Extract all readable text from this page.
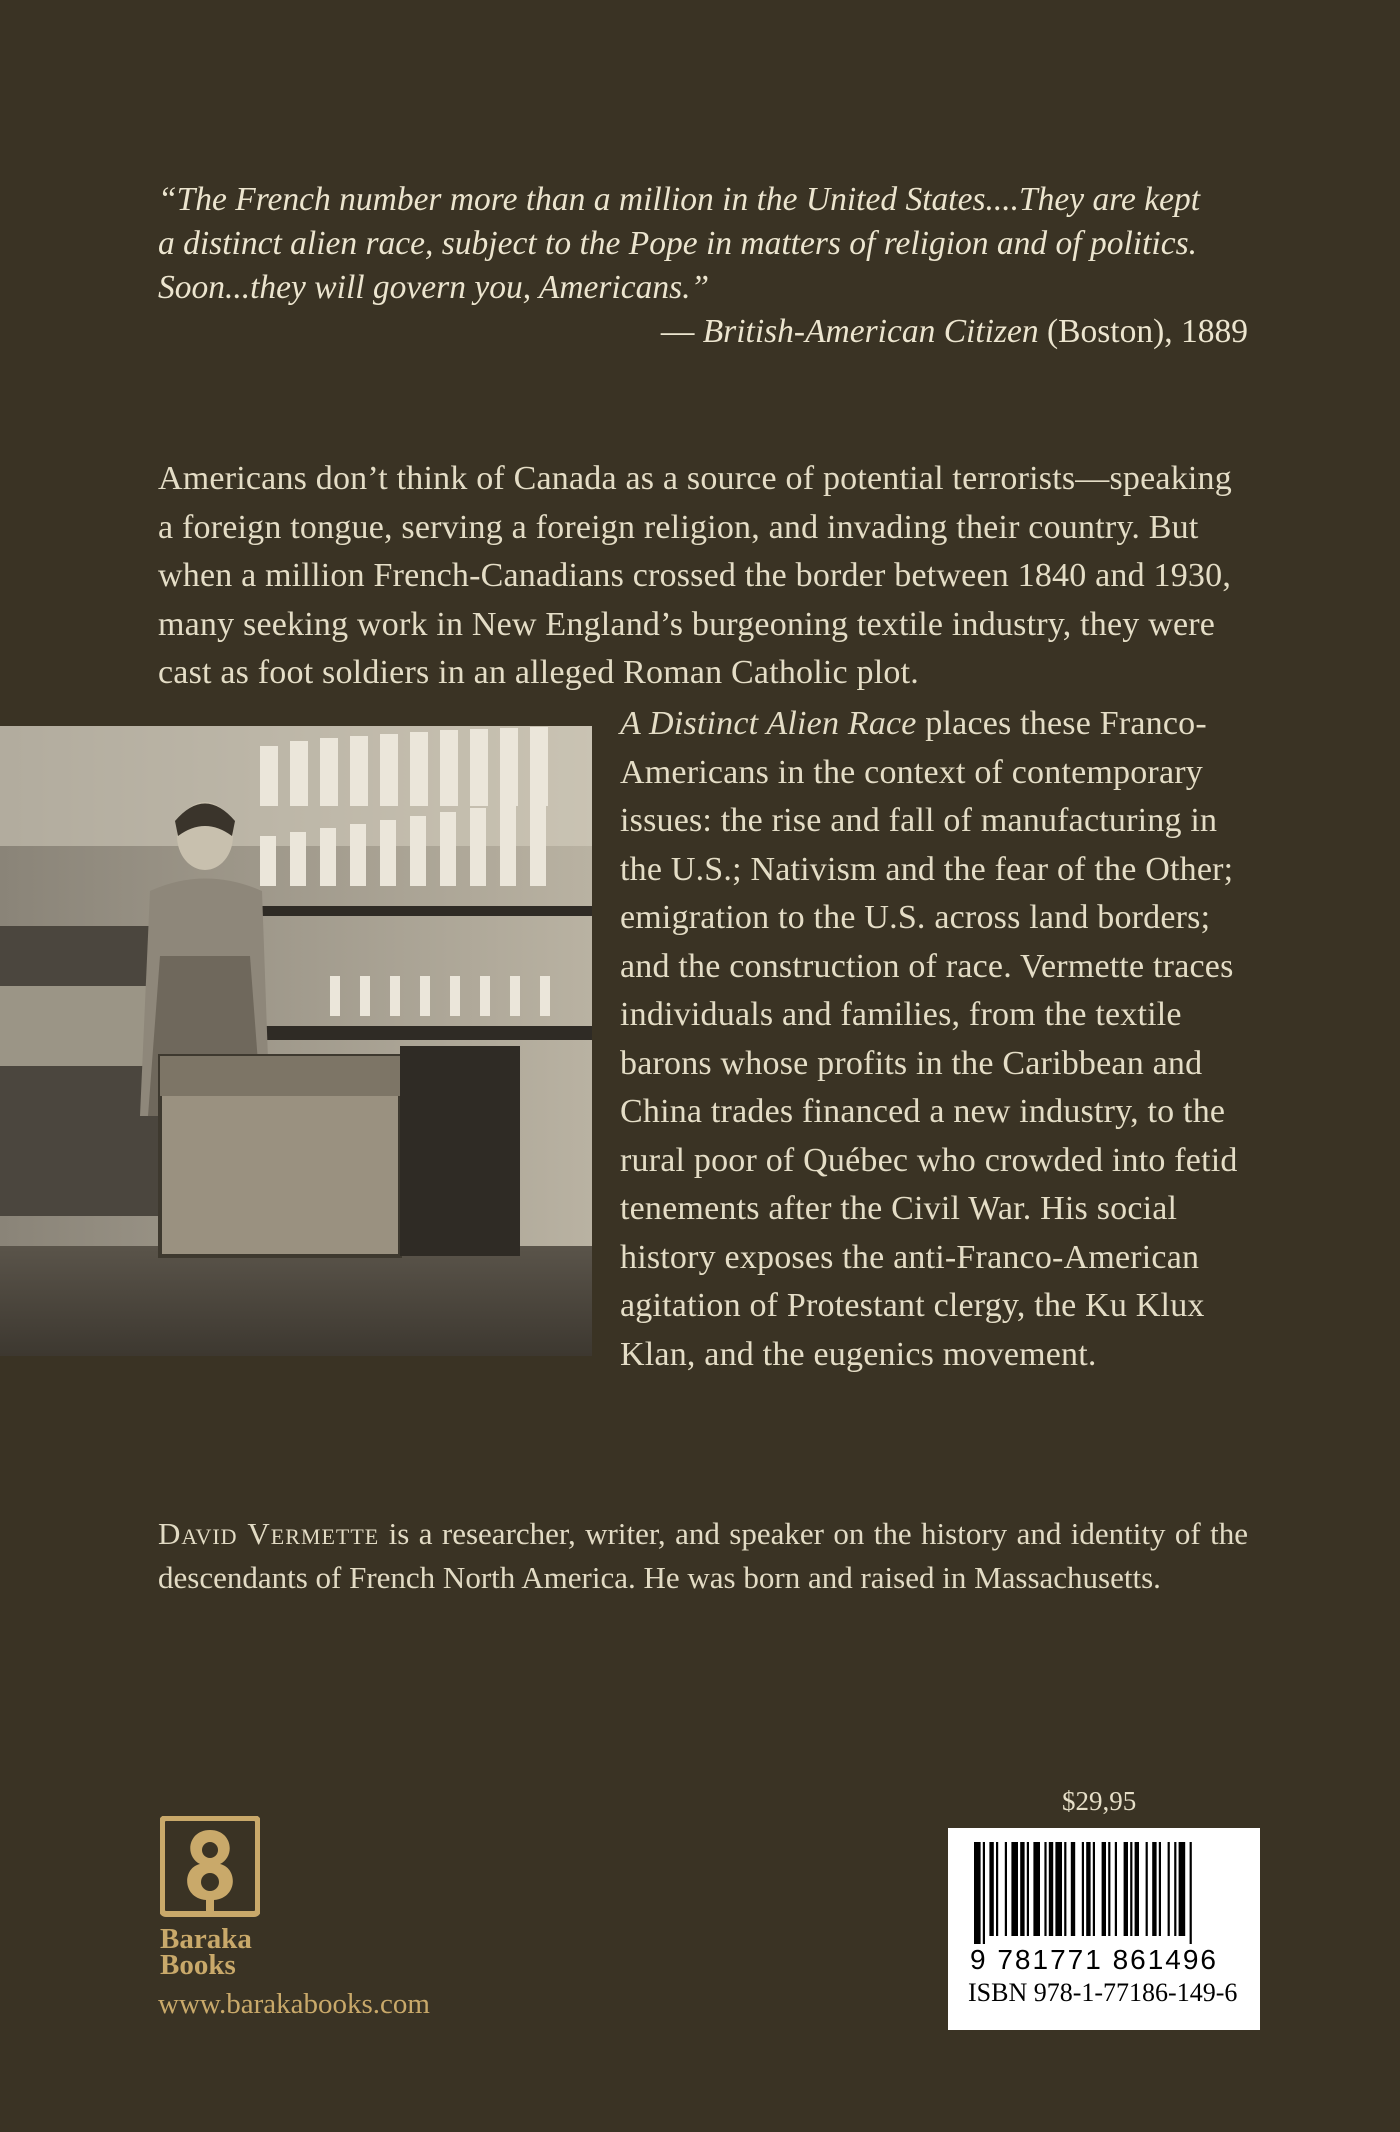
“The French number more than a million in the United States....They are kept

a distinct alien race, subject to the Pope in matters of religion and of politics.

Soon...they will govern you, Americans.”

— British-American Citizen (Boston), 1889

Americans don’t think of Canada as a source of potential terrorists—speaking a foreign tongue, serving a foreign religion, and invading their country. But when a million French-Canadians crossed the border between 1840 and 1930, many seeking work in New England’s burgeoning textile industry, they were cast as foot soldiers in an alleged Roman Catholic plot.
A Distinct Alien Race places these Franco-Americans in the context of contemporary issues: the rise and fall of manufacturing in the U.S.; Nativism and the fear of the Other; emigration to the U.S. across land borders; and the construction of race. Vermette traces individuals and families, from the textile barons whose profits in the Caribbean and China trades financed a new industry, to the rural poor of Québec who crowded into fetid tenements after the Civil War. His social history exposes the anti-Franco-American agitation of Protestant clergy, the Ku Klux Klan, and the eugenics movement.
David Vermette is a researcher, writer, and speaker on the history and identity of the descendants of French North America. He was born and raised in Massachusetts.
Baraka
Books
www.barakabooks.com
$29,95
9 781771 861496
ISBN 978-1-77186-149-6
